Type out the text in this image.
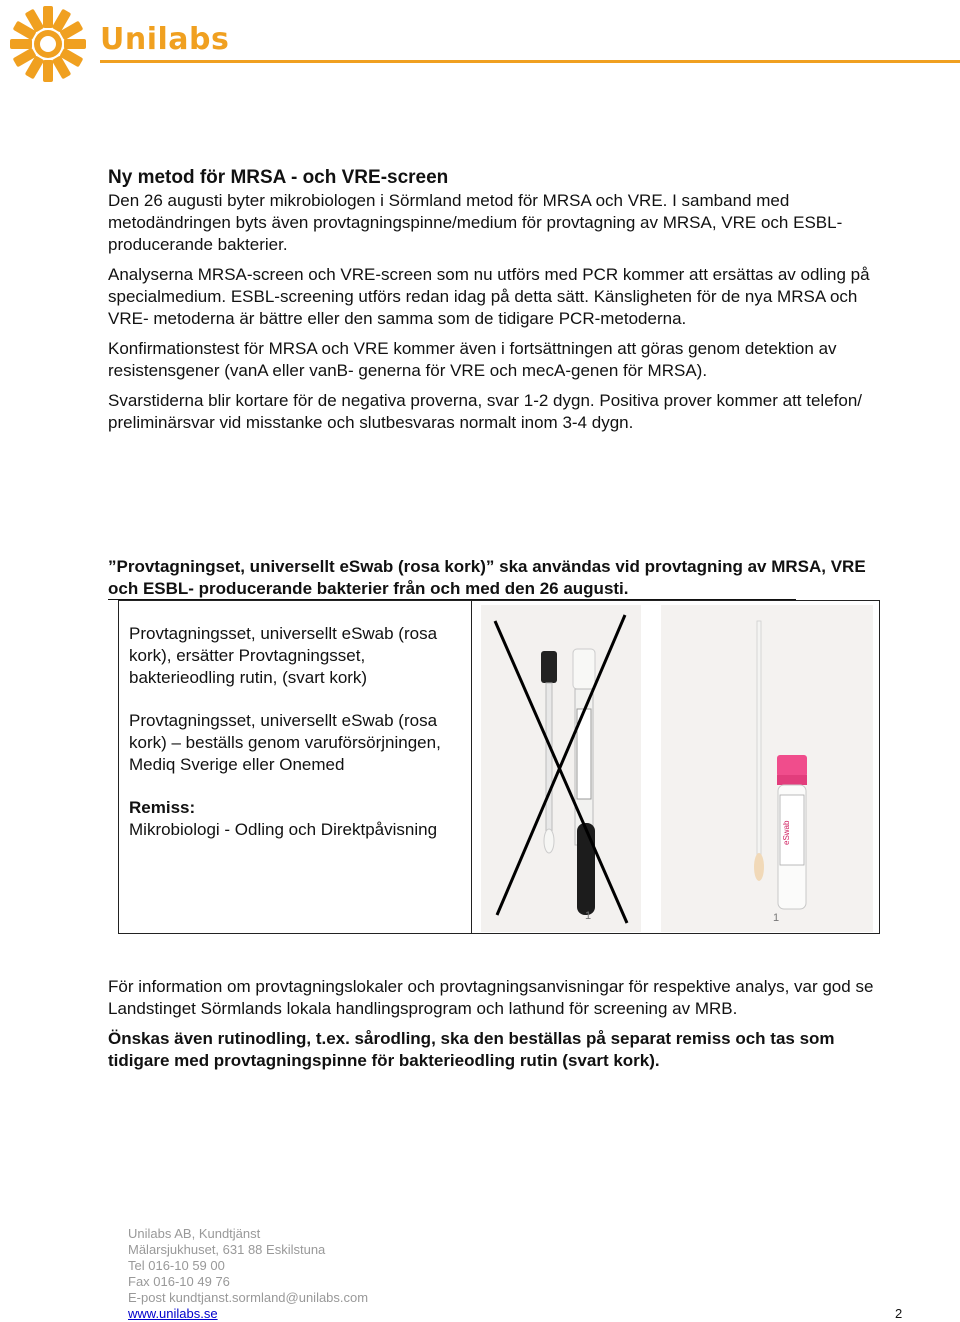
Unilabs

Ny metod för MRSA - och VRE-screen

Den 26 augusti byter mikrobiologen i Sörmland metod för MRSA och VRE. I samband med metodändringen byts även provtagningspinne/medium för provtagning av MRSA, VRE och ESBL-producerande bakterier.

Analyserna MRSA-screen och VRE-screen som nu utförs med PCR kommer att ersättas av odling på specialmedium. ESBL-screening utförs redan idag på detta sätt. Känsligheten för de nya MRSA och VRE- metoderna är bättre eller den samma som de tidigare PCR-metoderna.

Konfirmationstest för MRSA och VRE kommer även i fortsättningen att göras genom detektion av resistensgener (vanA eller vanB- generna för VRE och mecA-genen för MRSA).

Svarstiderna blir kortare för de negativa proverna, svar 1-2 dygn. Positiva prover kommer att telefon/ preliminärsvar vid misstanke och slutbesvaras normalt inom 3-4 dygn.

”Provtagningset, universellt eSwab (rosa kork)” ska användas vid provtagning av MRSA, VRE och ESBL- producerande bakterier från och med den 26 augusti.

Provtagningsset, universellt eSwab (rosa kork), ersätter Provtagningsset, bakterieodling rutin, (svart kork)

Provtagningsset, universellt eSwab (rosa kork) – beställs genom varuförsörjningen, Mediq Sverige eller Onemed

Remiss:

Mikrobiologi - Odling och Direktpåvisning

1
eSwab
1

För information om provtagningslokaler och provtagningsanvisningar för respektive analys, var god se Landstinget Sörmlands lokala handlingsprogram och lathund för screening av MRB.

Önskas även rutinodling, t.ex. sårodling, ska den beställas på separat remiss och tas som tidigare med provtagningspinne för bakterieodling rutin (svart kork).

Unilabs AB, Kundtjänst
Mälarsjukhuset, 631 88 Eskilstuna
Tel 016-10 59 00
Fax 016-10 49 76
E-post kundtjanst.sormland@unilabs.com
www.unilabs.se	2
